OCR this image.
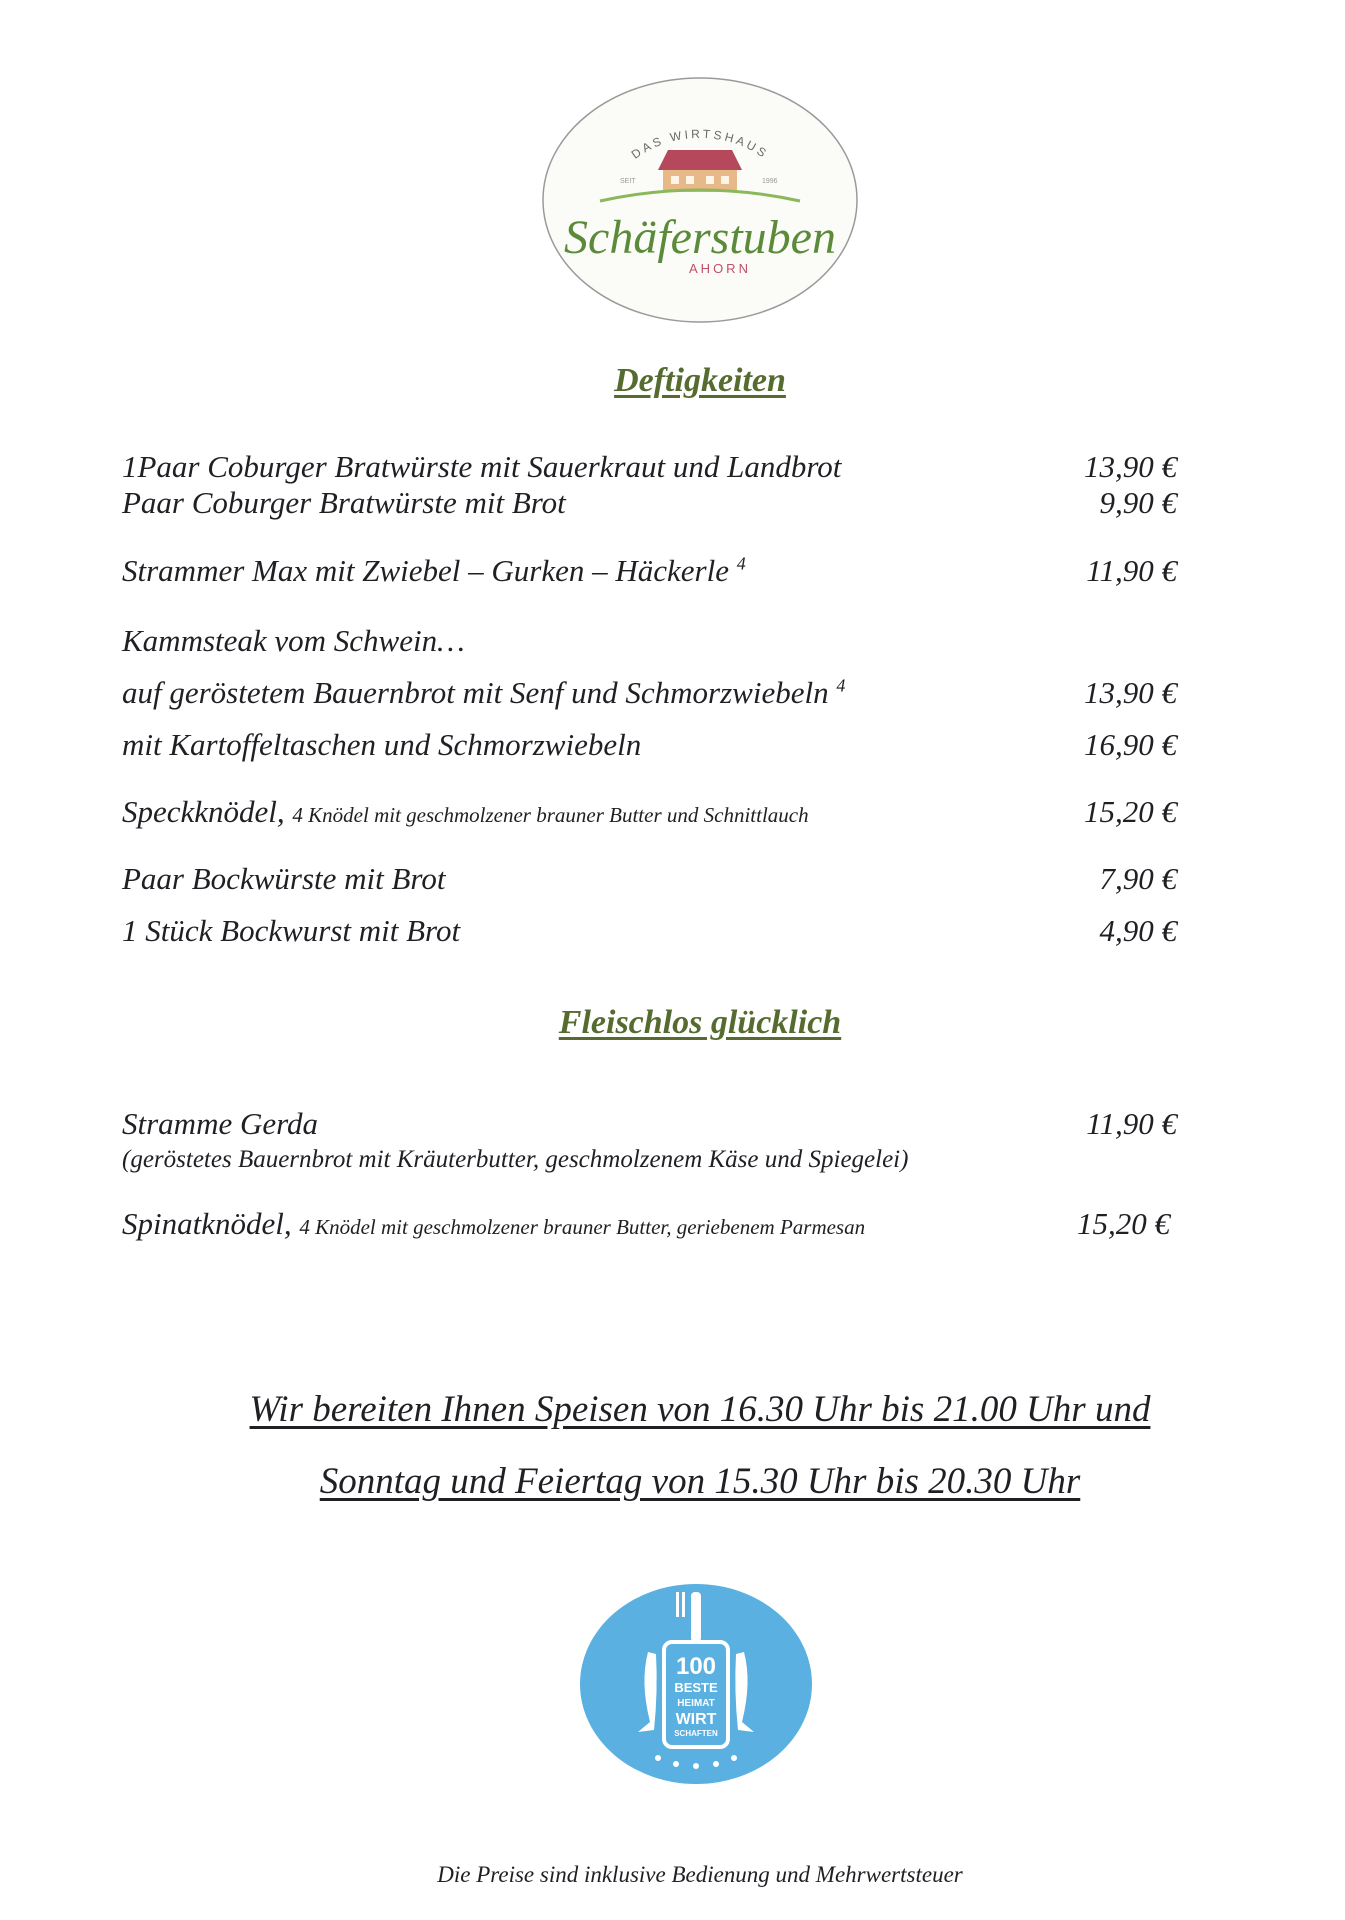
DAS WIRTSHAUS
SEIT	1996
Schäferstuben
AHORN
Deftigkeiten
1Paar Coburger Bratwürste mit Sauerkraut und Landbrot	13,90 €
Paar Coburger Bratwürste mit Brot	9,90 €
Strammer Max mit Zwiebel – Gurken – Häckerle $^4$	11,90 €
Kammsteak vom Schwein…
auf geröstetem Bauernbrot mit Senf und Schmorzwiebeln $^4$	13,90 €
mit Kartoffeltaschen und Schmorzwiebeln	16,90 €
Speckknödel, 4 Knödel mit geschmolzener brauner Butter und Schnittlauch	15,20 €
Paar Bockwürste mit Brot	7,90 €
1 Stück Bockwurst mit Brot	4,90 €
Fleischlos glücklich
Stramme Gerda	11,90 €
(geröstetes Bauernbrot mit Kräuterbutter, geschmolzenem Käse und Spiegelei)
Spinatknödel, 4 Knödel mit geschmolzener brauner Butter, geriebenem Parmesan	15,20 €
Wir bereiten Ihnen Speisen von 16.30 Uhr bis 21.00 Uhr und
Sonntag und Feiertag von 15.30 Uhr bis 20.30 Uhr
100
BESTE
HEIMAT
WIRT
SCHAFTEN
Die Preise sind inklusive Bedienung und Mehrwertsteuer
